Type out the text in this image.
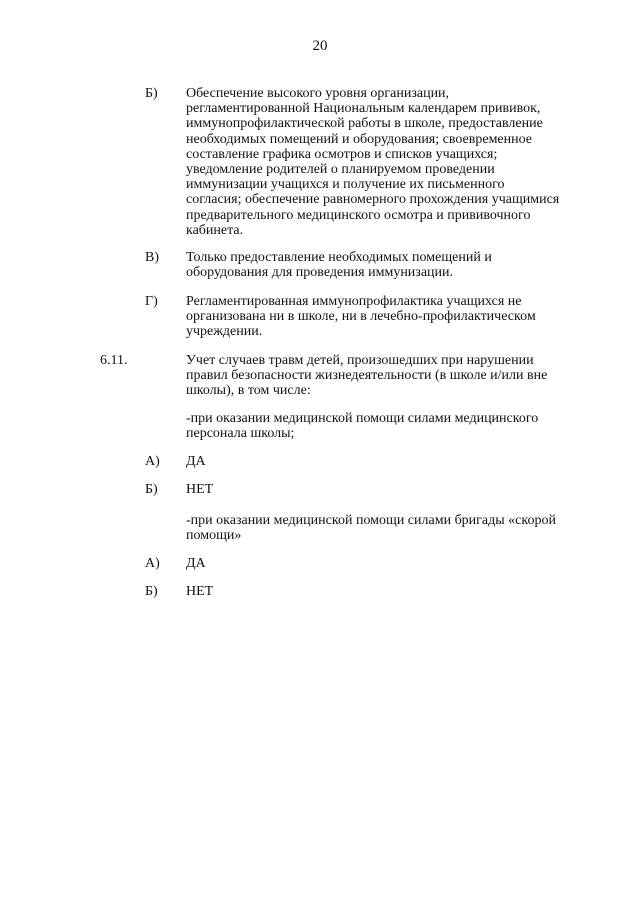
20
Б) Обеспечение высокого уровня организации,
регламентированной Национальным календарем прививок,
иммунопрофилактической работы в школе, предоставление
необходимых помещений и оборудования; своевременное
составление графика осмотров и списков учащихся;
уведомление родителей о планируемом проведении
иммунизации учащихся и получение их письменного
согласия; обеспечение равномерного прохождения учащимися
предварительного медицинского осмотра и прививочного
кабинета.
В) Только предоставление необходимых помещений и
оборудования для проведения иммунизации.
Г) Регламентированная иммунопрофилактика учащихся не
организована ни в школе, ни в лечебно-профилактическом
учреждении.
6.11.	Учет случаев травм детей, произошедших при нарушении
правил безопасности жизнедеятельности (в школе и/или вне
школы), в том числе:
-при оказании медицинской помощи силами медицинского
персонала школы;
А) ДА
Б) НЕТ
-при оказании медицинской помощи силами бригады «скорой
помощи»
А) ДА
Б) НЕТ
